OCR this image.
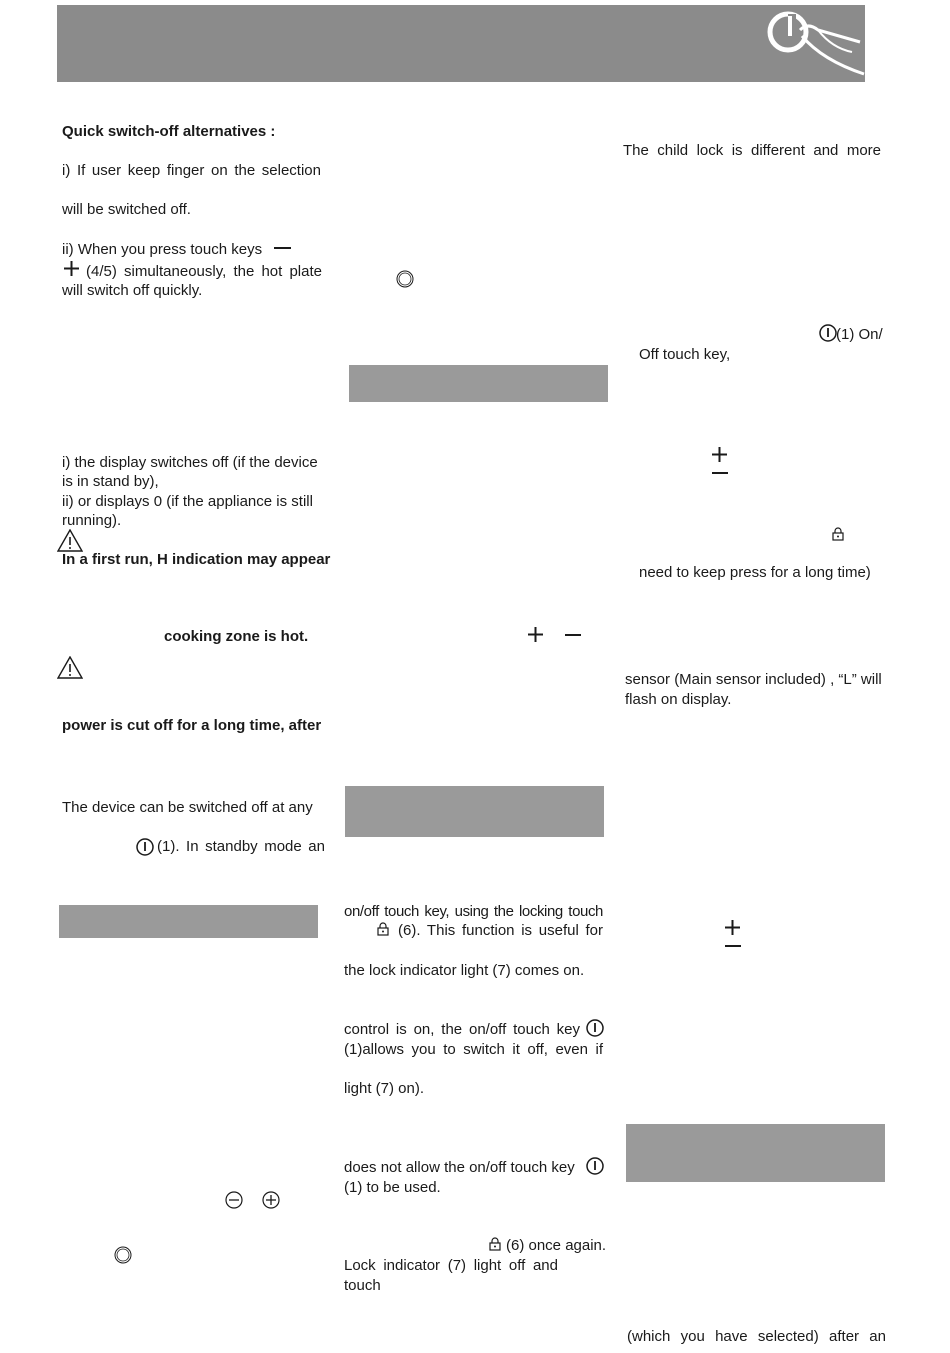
Quick switch-off alternatives :
i) If user keep finger on the selection
will be switched off.
ii) When you press touch keys
(4/5) simultaneously, the hot plate
will switch off quickly.
i) the display switches off (if the device
is in stand by),
ii) or displays 0 (if the appliance is still
running).
In a first run, H indication may appear
cooking zone is hot.
power is cut off for a long time, after
The device can be switched off at any
(1). In standby mode an
on/off touch key, using the locking touch
(6). This function is useful for
the lock indicator light (7) comes on.
control is on, the on/off touch key
(1)allows you to switch it off, even if
light (7) on).
does not allow the on/off touch key
(1) to be used.
(6) once again.
Lock indicator (7) light off and
touch
The child lock is different and more
(1) On/
Off touch key,
need to keep press for a long time)
sensor (Main sensor included) , “L” will
flash on display.
(which you have selected) after an
